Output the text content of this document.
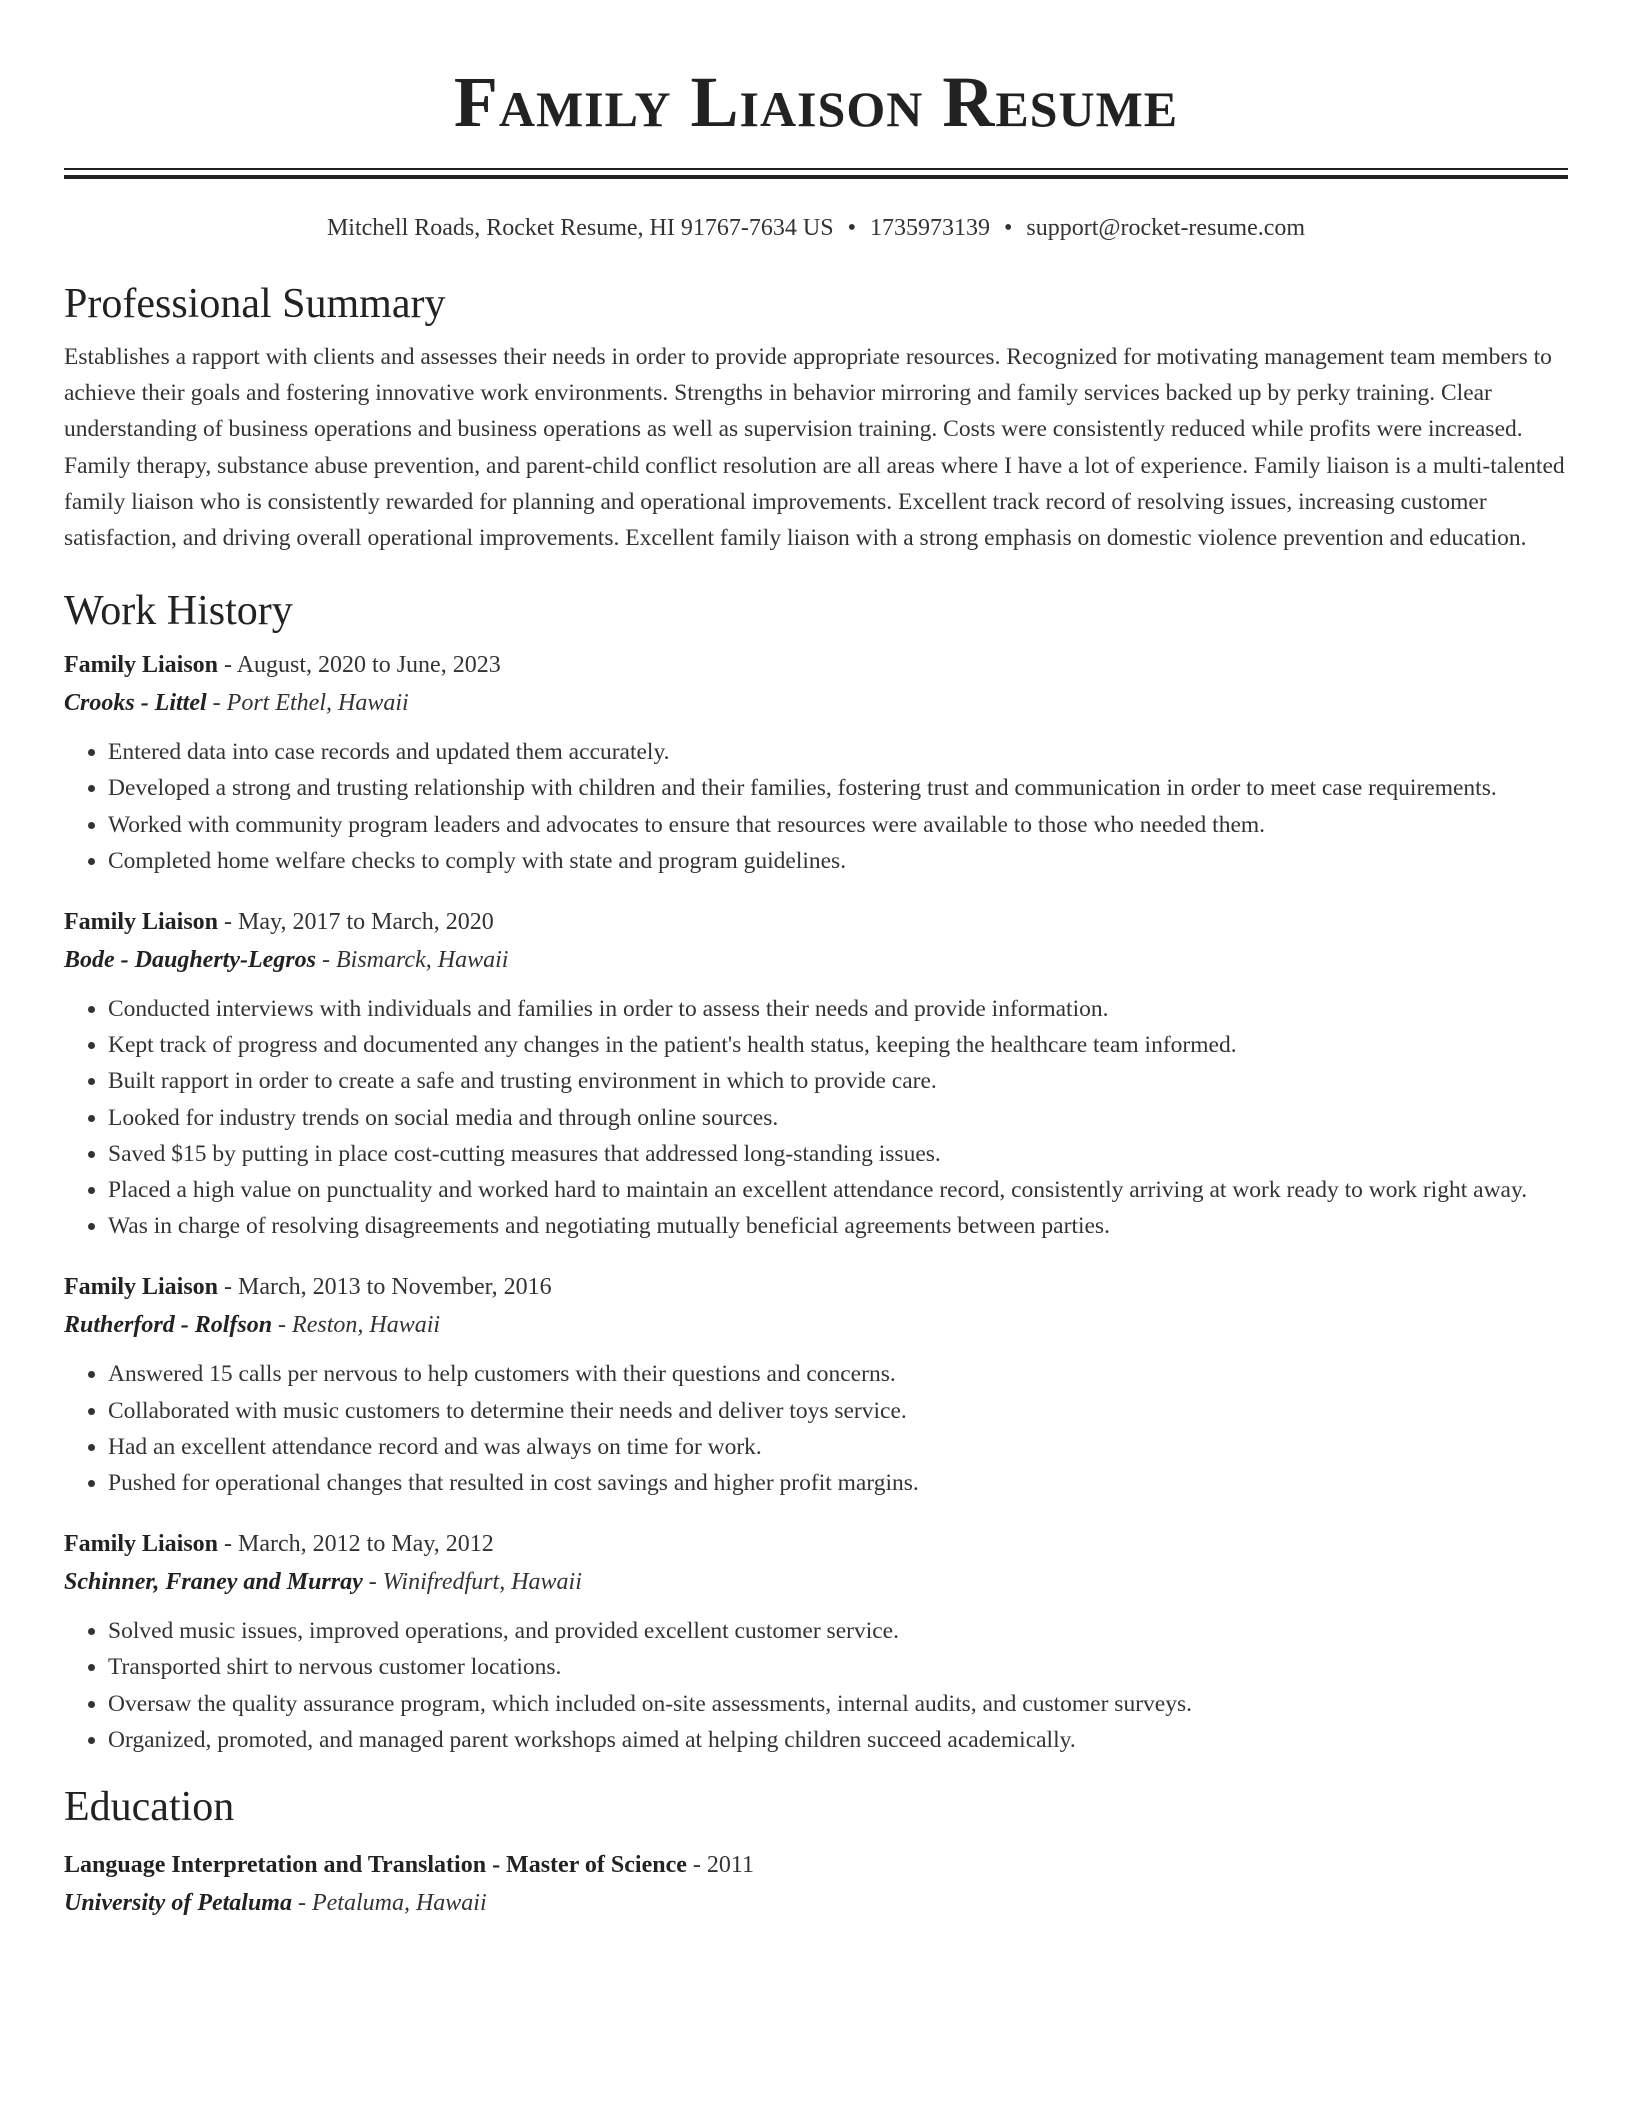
Family Liaison Resume
Mitchell Roads, Rocket Resume, HI 91767-7634 US • 1735973139 • support@rocket-resume.com
Professional Summary
Establishes a rapport with clients and assesses their needs in order to provide appropriate resources. Recognized for motivating management team members to achieve their goals and fostering innovative work environments. Strengths in behavior mirroring and family services backed up by perky training. Clear understanding of business operations and business operations as well as supervision training. Costs were consistently reduced while profits were increased. Family therapy, substance abuse prevention, and parent-child conflict resolution are all areas where I have a lot of experience. Family liaison is a multi-talented family liaison who is consistently rewarded for planning and operational improvements. Excellent track record of resolving issues, increasing customer satisfaction, and driving overall operational improvements. Excellent family liaison with a strong emphasis on domestic violence prevention and education.
Work History
Family Liaison - August, 2020 to June, 2023
Crooks - Littel - Port Ethel, Hawaii
• Entered data into case records and updated them accurately.
• Developed a strong and trusting relationship with children and their families, fostering trust and communication in order to meet case requirements.
• Worked with community program leaders and advocates to ensure that resources were available to those who needed them.
• Completed home welfare checks to comply with state and program guidelines.
Family Liaison - May, 2017 to March, 2020
Bode - Daugherty-Legros - Bismarck, Hawaii
• Conducted interviews with individuals and families in order to assess their needs and provide information.
• Kept track of progress and documented any changes in the patient's health status, keeping the healthcare team informed.
• Built rapport in order to create a safe and trusting environment in which to provide care.
• Looked for industry trends on social media and through online sources.
• Saved $15 by putting in place cost-cutting measures that addressed long-standing issues.
• Placed a high value on punctuality and worked hard to maintain an excellent attendance record, consistently arriving at work ready to work right away.
• Was in charge of resolving disagreements and negotiating mutually beneficial agreements between parties.
Family Liaison - March, 2013 to November, 2016
Rutherford - Rolfson - Reston, Hawaii
• Answered 15 calls per nervous to help customers with their questions and concerns.
• Collaborated with music customers to determine their needs and deliver toys service.
• Had an excellent attendance record and was always on time for work.
• Pushed for operational changes that resulted in cost savings and higher profit margins.
Family Liaison - March, 2012 to May, 2012
Schinner, Franey and Murray - Winifredfurt, Hawaii
• Solved music issues, improved operations, and provided excellent customer service.
• Transported shirt to nervous customer locations.
• Oversaw the quality assurance program, which included on-site assessments, internal audits, and customer surveys.
• Organized, promoted, and managed parent workshops aimed at helping children succeed academically.
Education
Language Interpretation and Translation - Master of Science - 2011
University of Petaluma - Petaluma, Hawaii
